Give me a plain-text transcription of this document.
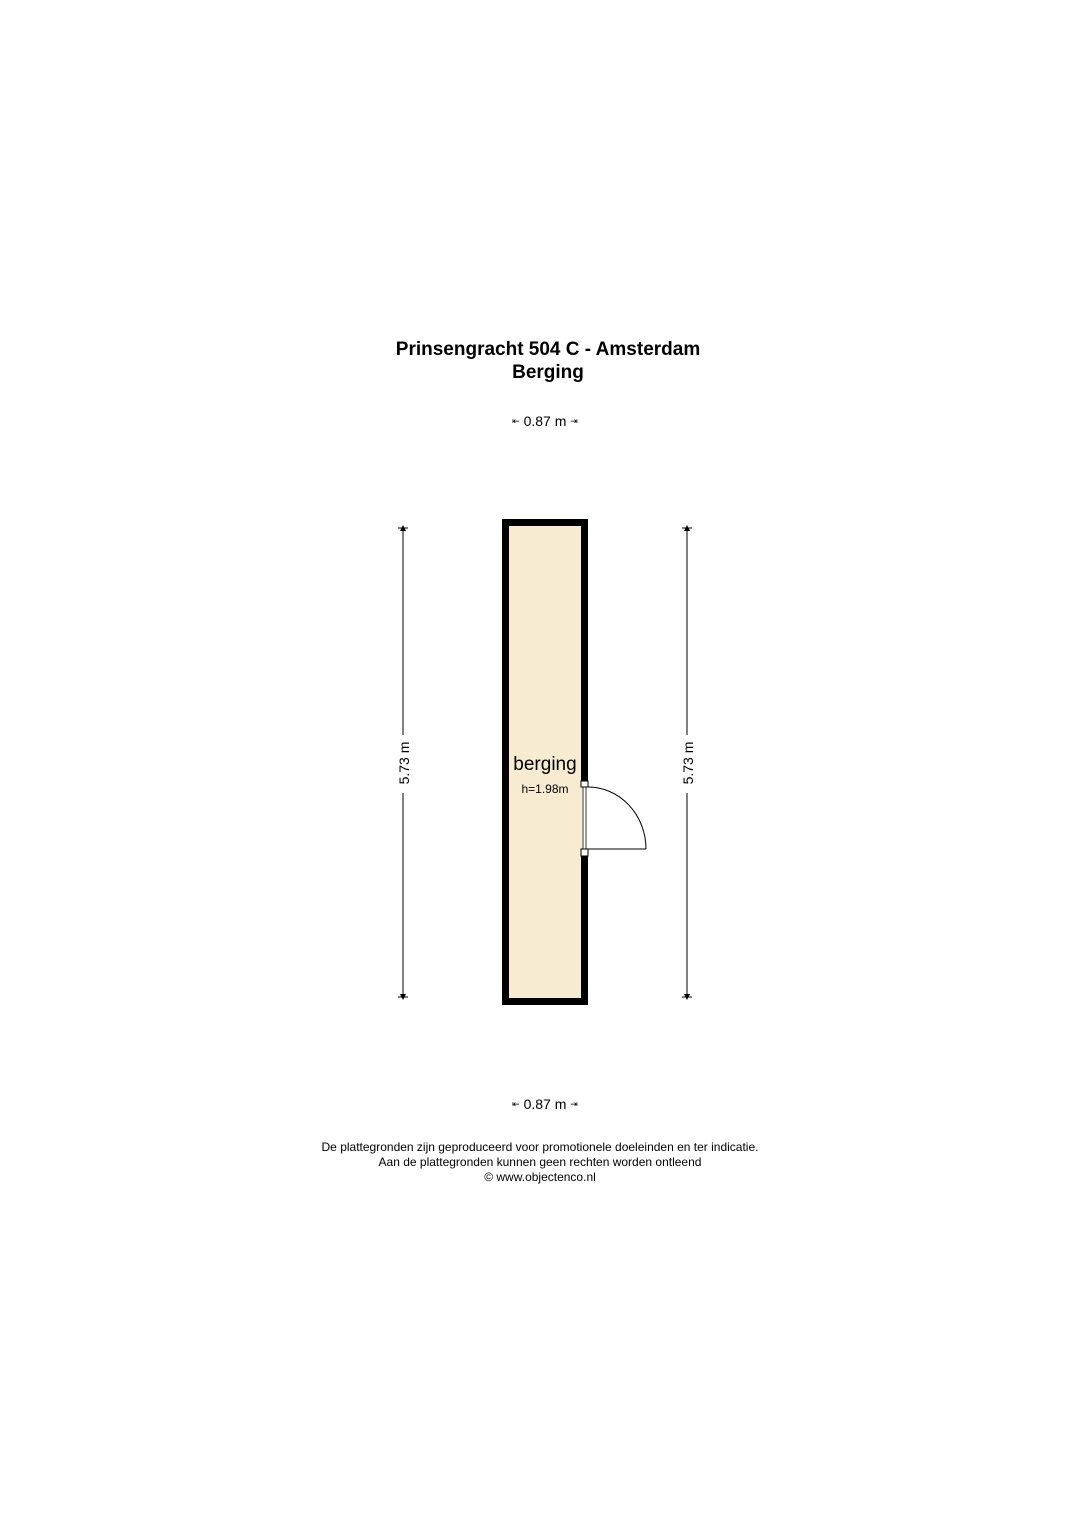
Prinsengracht 504 C - Amsterdam
Berging
⇤ 0.87 m ⇥
5.73 m	5.73 m
berging
h=1.98m
⇤ 0.87 m ⇥
De plattegronden zijn geproduceerd voor promotionele doeleinden en ter indicatie.
Aan de plattegronden kunnen geen rechten worden ontleend
© www.objectenco.nl
